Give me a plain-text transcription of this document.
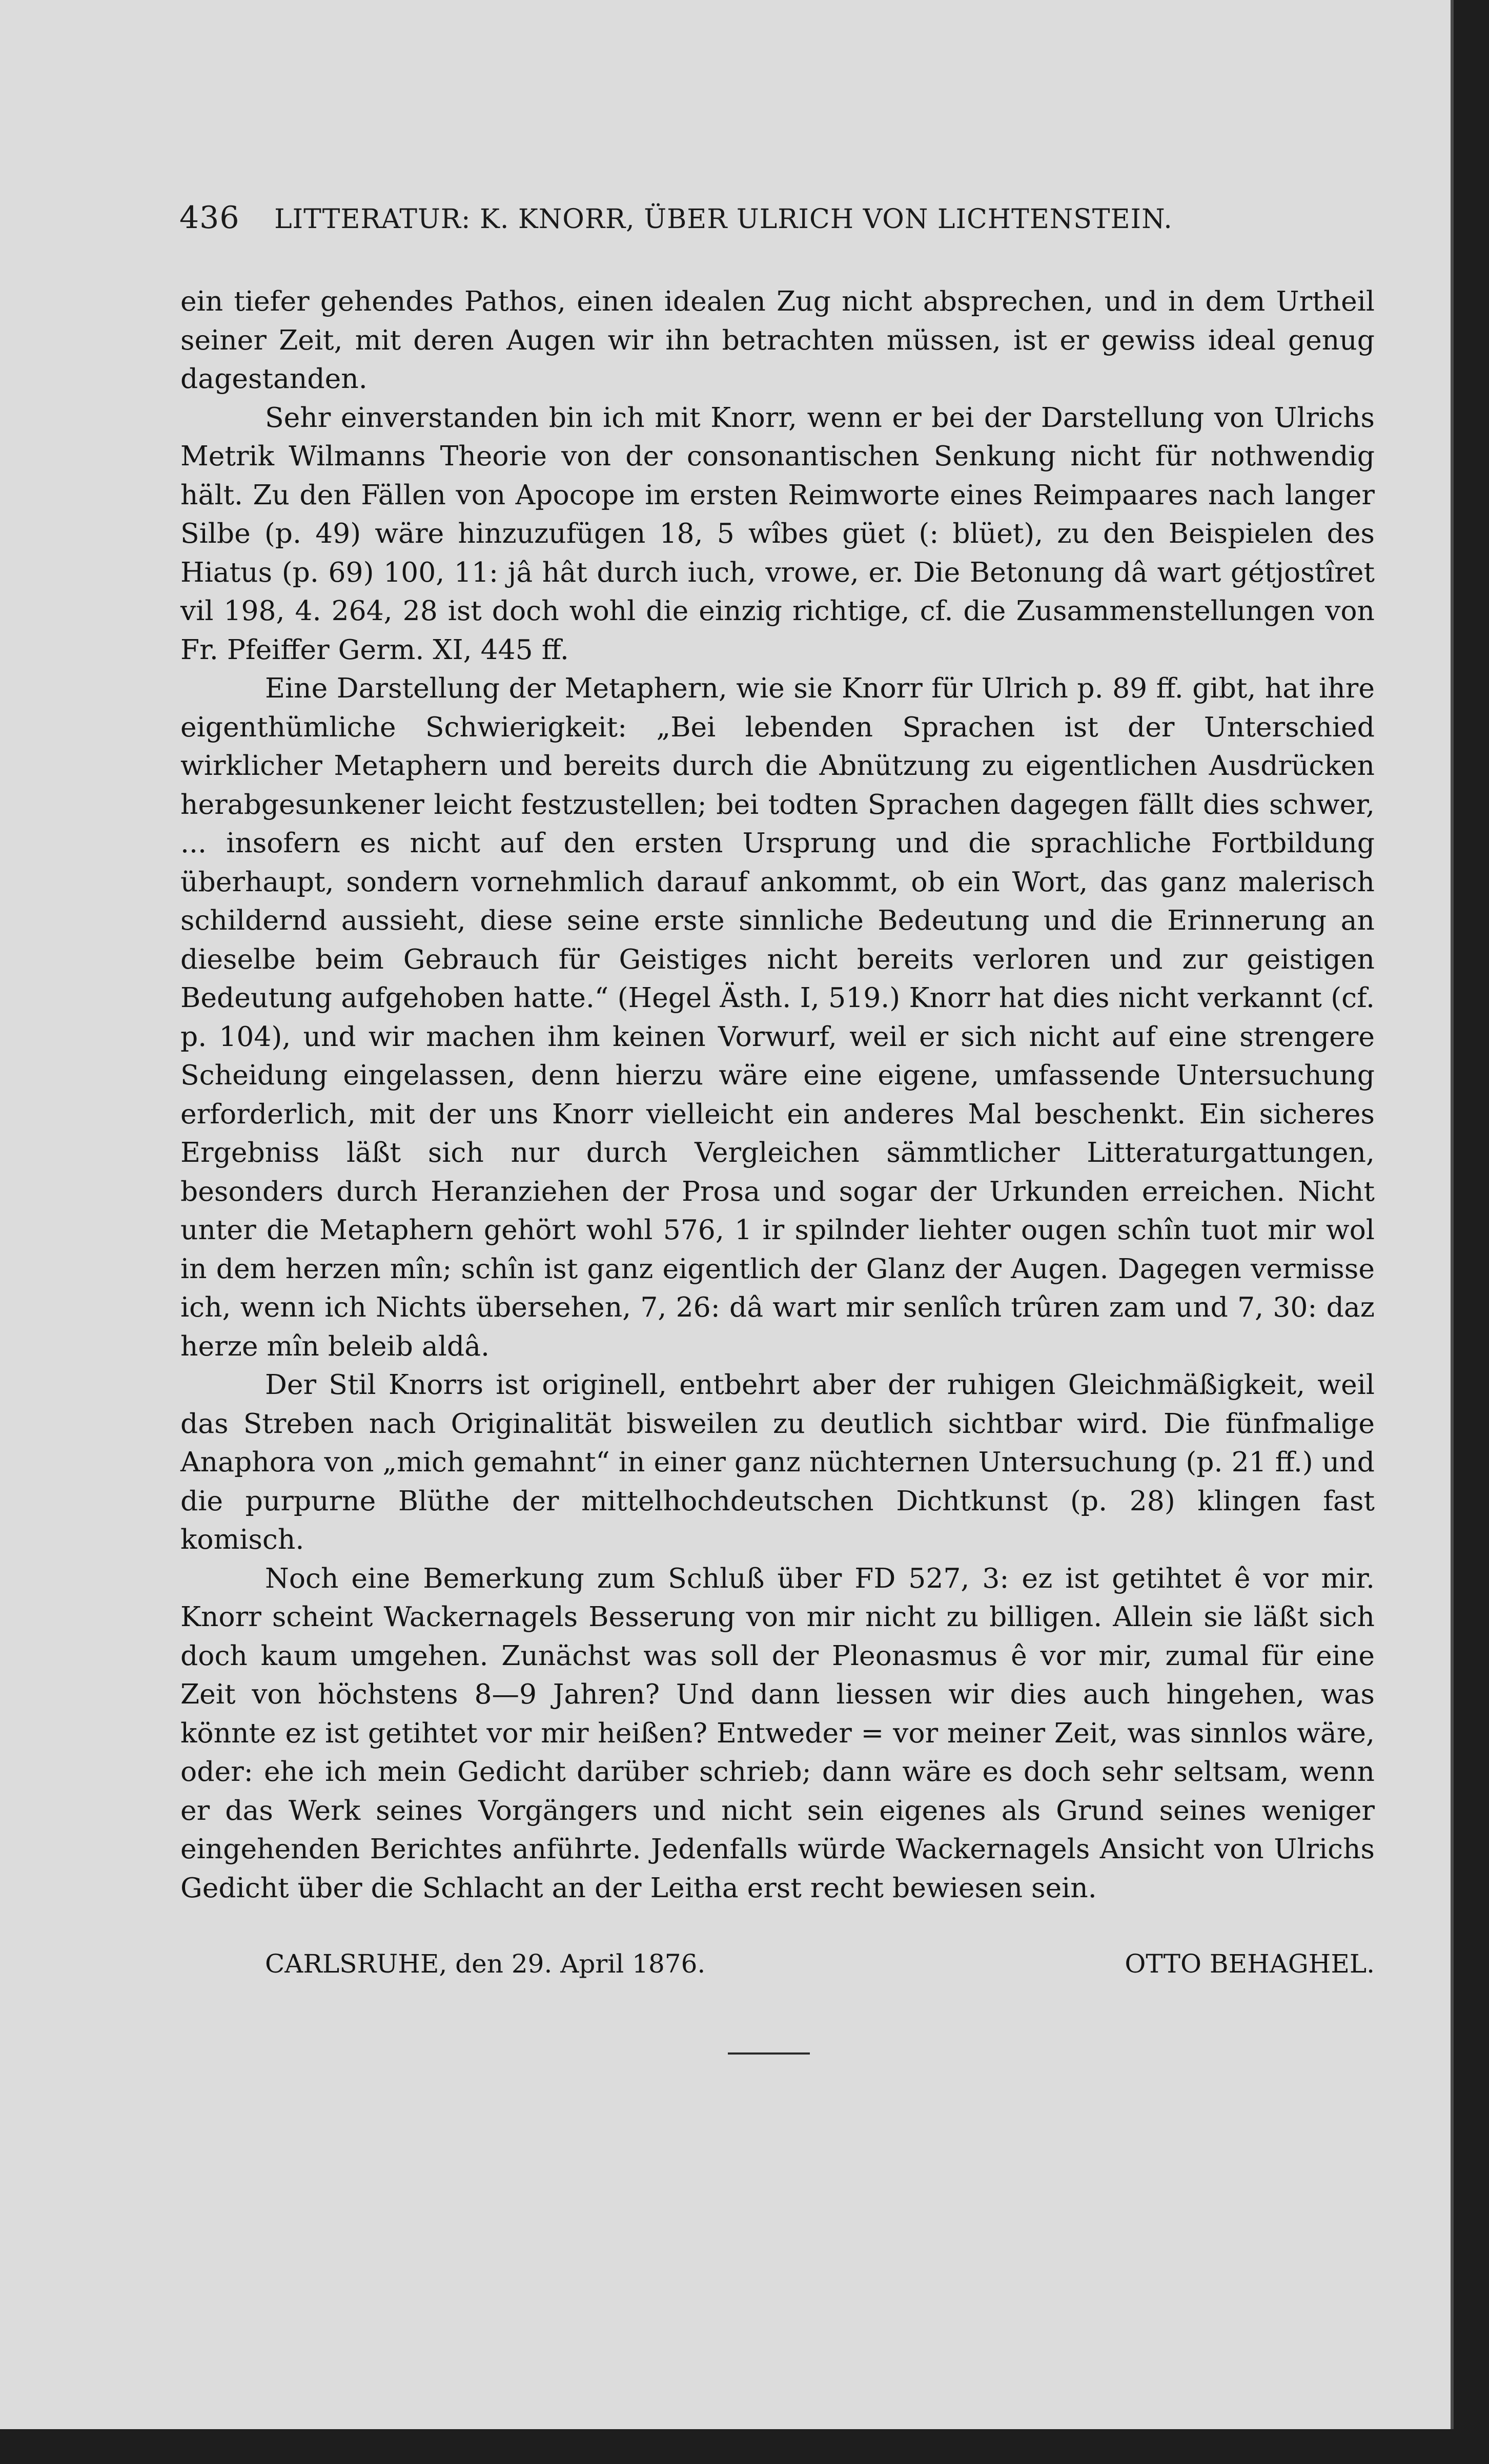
436 LITTERATUR: K. KNORR, ÜBER ULRICH VON LICHTENSTEIN.

ein tiefer gehendes Pathos, einen idealen Zug nicht absprechen, und in dem Urtheil seiner Zeit, mit deren Augen wir ihn betrachten müssen, ist er gewiss ideal genug dagestanden.

Sehr einverstanden bin ich mit Knorr, wenn er bei der Darstellung von Ulrichs Metrik Wilmanns Theorie von der consonantischen Senkung nicht für nothwendig hält. Zu den Fällen von Apocope im ersten Reimworte eines Reimpaares nach langer Silbe (p. 49) wäre hinzuzufügen 18, 5 wîbes güet (: blüet), zu den Beispielen des Hiatus (p. 69) 100, 11: jâ hât durch iuch, vrowe, er. Die Betonung dâ wart gétjostîret vil 198, 4. 264, 28 ist doch wohl die einzig richtige, cf. die Zusammenstellungen von Fr. Pfeiffer Germ. XI, 445 ff.

Eine Darstellung der Metaphern, wie sie Knorr für Ulrich p. 89 ff. gibt, hat ihre eigenthümliche Schwierigkeit: „Bei lebenden Sprachen ist der Unterschied wirklicher Metaphern und bereits durch die Abnützung zu eigentlichen Ausdrücken herabgesunkener leicht festzustellen; bei todten Sprachen dagegen fällt dies schwer, ... insofern es nicht auf den ersten Ursprung und die sprachliche Fortbildung überhaupt, sondern vornehmlich darauf ankommt, ob ein Wort, das ganz malerisch schildernd aussieht, diese seine erste sinnliche Bedeutung und die Erinnerung an dieselbe beim Gebrauch für Geistiges nicht bereits verloren und zur geistigen Bedeutung aufgehoben hatte.“ (Hegel Ästh. I, 519.) Knorr hat dies nicht verkannt (cf. p. 104), und wir machen ihm keinen Vorwurf, weil er sich nicht auf eine strengere Scheidung eingelassen, denn hierzu wäre eine eigene, umfassende Untersuchung erforderlich, mit der uns Knorr vielleicht ein anderes Mal beschenkt. Ein sicheres Ergebniss läßt sich nur durch Vergleichen sämmtlicher Litteraturgattungen, besonders durch Heranziehen der Prosa und sogar der Urkunden erreichen. Nicht unter die Metaphern gehört wohl 576, 1 ir spilnder liehter ougen schîn tuot mir wol in dem herzen mîn; schîn ist ganz eigentlich der Glanz der Augen. Dagegen vermisse ich, wenn ich Nichts übersehen, 7, 26: dâ wart mir senlîch trûren zam und 7, 30: daz herze mîn beleib aldâ.

Der Stil Knorrs ist originell, entbehrt aber der ruhigen Gleichmäßigkeit, weil das Streben nach Originalität bisweilen zu deutlich sichtbar wird. Die fünfmalige Anaphora von „mich gemahnt“ in einer ganz nüchternen Untersuchung (p. 21 ff.) und die purpurne Blüthe der mittelhochdeutschen Dichtkunst (p. 28) klingen fast komisch.

Noch eine Bemerkung zum Schluß über FD 527, 3: ez ist getihtet ê vor mir. Knorr scheint Wackernagels Besserung von mir nicht zu billigen. Allein sie läßt sich doch kaum umgehen. Zunächst was soll der Pleonasmus ê vor mir, zumal für eine Zeit von höchstens 8—9 Jahren? Und dann liessen wir dies auch hingehen, was könnte ez ist getihtet vor mir heißen? Entweder = vor meiner Zeit, was sinnlos wäre, oder: ehe ich mein Gedicht darüber schrieb; dann wäre es doch sehr seltsam, wenn er das Werk seines Vorgängers und nicht sein eigenes als Grund seines weniger eingehenden Berichtes anführte. Jedenfalls würde Wackernagels Ansicht von Ulrichs Gedicht über die Schlacht an der Leitha erst recht bewiesen sein.

CARLSRUHE, den 29. April 1876.	OTTO BEHAGHEL.
